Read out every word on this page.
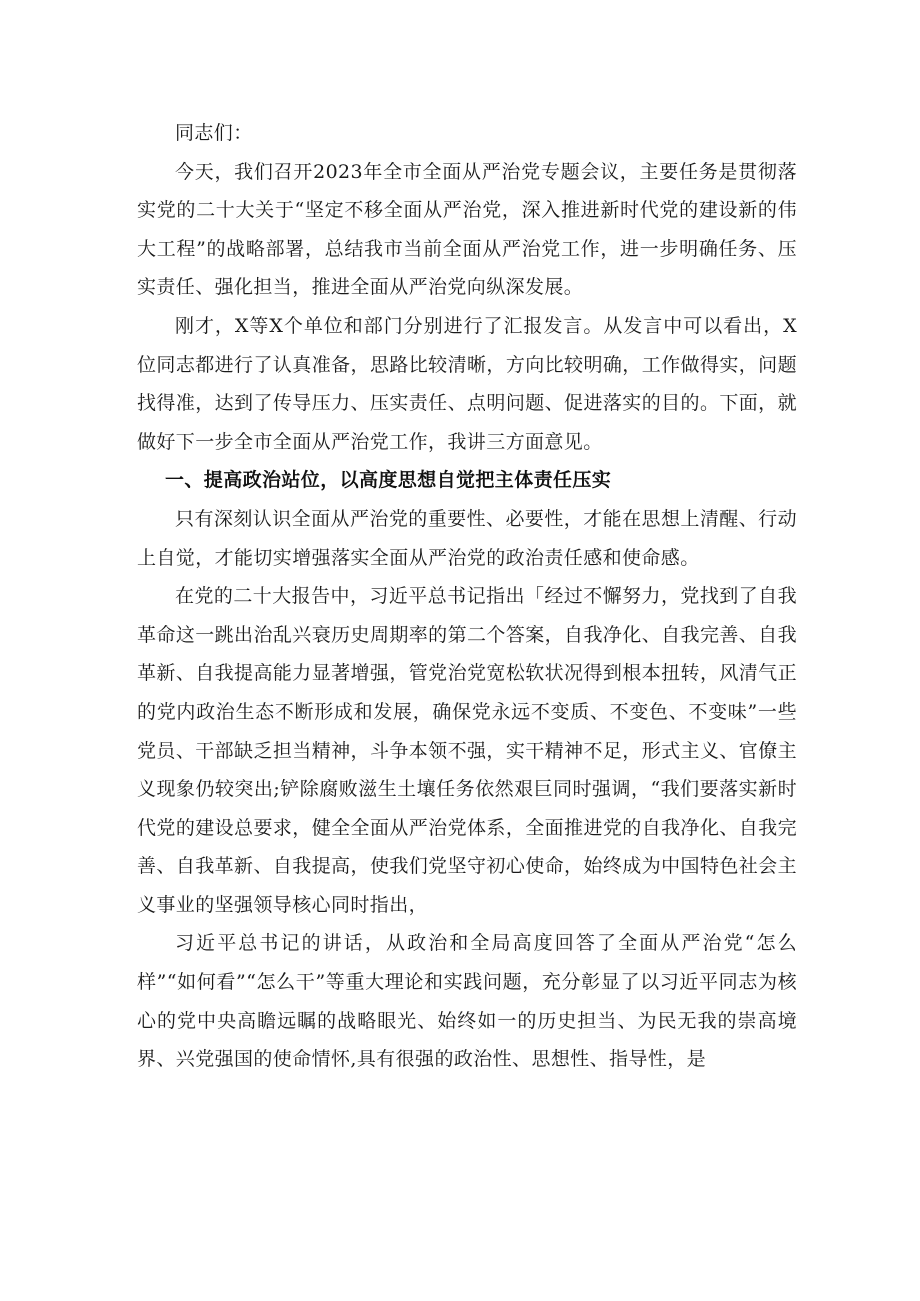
同志们：

今天，我们召开2023年全市全面从严治党专题会议，主要任务是贯彻落实党的二十大关于“坚定不移全面从严治党，深入推进新时代党的建设新的伟大工程”的战略部署，总结我市当前全面从严治党工作，进一步明确任务、压实责任、强化担当，推进全面从严治党向纵深发展。

刚才，X等X个单位和部门分别进行了汇报发言。从发言中可以看出，X位同志都进行了认真准备，思路比较清晰，方向比较明确，工作做得实，问题找得准，达到了传导压力、压实责任、点明问题、促进落实的目的。下面，就做好下一步全市全面从严治党工作，我讲三方面意见。

一、提高政治站位，以高度思想自觉把主体责任压实

只有深刻认识全面从严治党的重要性、必要性，才能在思想上清醒、行动上自觉，才能切实增强落实全面从严治党的政治责任感和使命感。

在党的二十大报告中，习近平总书记指出「经过不懈努力，党找到了自我革命这一跳出治乱兴衰历史周期率的第二个答案，自我净化、自我完善、自我革新、自我提高能力显著增强，管党治党宽松软状况得到根本扭转，风清气正的党内政治生态不断形成和发展，确保党永远不变质、不变色、不变味”一些党员、干部缺乏担当精神，斗争本领不强，实干精神不足，形式主义、官僚主义现象仍较突出;铲除腐败滋生土壤任务依然艰巨同时强调，“我们要落实新时代党的建设总要求，健全全面从严治党体系，全面推进党的自我净化、自我完善、自我革新、自我提高，使我们党坚守初心使命，始终成为中国特色社会主义事业的坚强领导核心同时指出，

习近平总书记的讲话，从政治和全局高度回答了全面从严治党“怎么样”“如何看”“怎么干”等重大理论和实践问题，充分彰显了以习近平同志为核心的党中央高瞻远瞩的战略眼光、始终如一的历史担当、为民无我的崇高境界、兴党强国的使命情怀,具有很强的政治性、思想性、指导性，是
